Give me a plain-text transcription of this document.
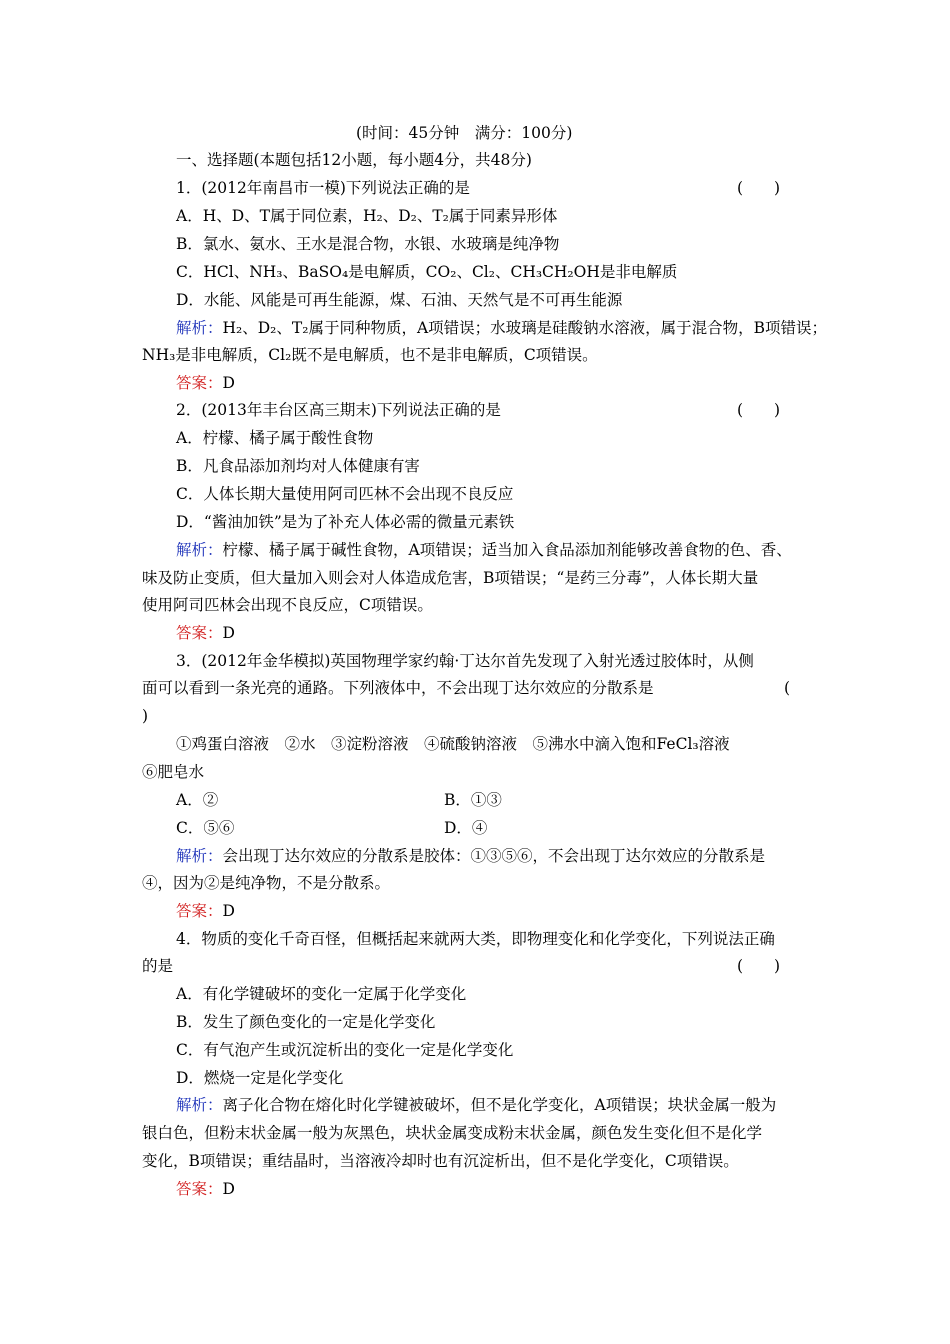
(时间：45分钟　满分：100分)
一、选择题(本题包括12小题，每小题4分，共48分)
1．(2012年南昌市一模)下列说法正确的是	(　　)
A．H、D、T属于同位素，H₂、D₂、T₂属于同素异形体
B．氯水、氨水、王水是混合物，水银、水玻璃是纯净物
C．HCl、NH₃、BaSO₄是电解质，CO₂、Cl₂、CH₃CH₂OH是非电解质
D．水能、风能是可再生能源，煤、石油、天然气是不可再生能源
解析：H₂、D₂、T₂属于同种物质，A项错误；水玻璃是硅酸钠水溶液，属于混合物，B项错误；
NH₃是非电解质，Cl₂既不是电解质，也不是非电解质，C项错误。
答案：D
2．(2013年丰台区高三期末)下列说法正确的是	(　　)
A．柠檬、橘子属于酸性食物
B．凡食品添加剂均对人体健康有害
C．人体长期大量使用阿司匹林不会出现不良反应
D．“酱油加铁”是为了补充人体必需的微量元素铁
解析：柠檬、橘子属于碱性食物，A项错误；适当加入食品添加剂能够改善食物的色、香、
味及防止变质，但大量加入则会对人体造成危害，B项错误；“是药三分毒”，人体长期大量
使用阿司匹林会出现不良反应，C项错误。
答案：D
3．(2012年金华模拟)英国物理学家约翰·丁达尔首先发现了入射光透过胶体时，从侧
面可以看到一条光亮的通路。下列液体中，不会出现丁达尔效应的分散系是	(
)
①鸡蛋白溶液　②水　③淀粉溶液　④硫酸钠溶液　⑤沸水中滴入饱和FeCl₃溶液
⑥肥皂水
A．②	B．①③
C．⑤⑥	D．④
解析：会出现丁达尔效应的分散系是胶体：①③⑤⑥，不会出现丁达尔效应的分散系是
④，因为②是纯净物，不是分散系。
答案：D
4．物质的变化千奇百怪，但概括起来就两大类，即物理变化和化学变化，下列说法正确
的是	(　　)
A．有化学键破坏的变化一定属于化学变化
B．发生了颜色变化的一定是化学变化
C．有气泡产生或沉淀析出的变化一定是化学变化
D．燃烧一定是化学变化
解析：离子化合物在熔化时化学键被破坏，但不是化学变化，A项错误；块状金属一般为
银白色，但粉末状金属一般为灰黑色，块状金属变成粉末状金属，颜色发生变化但不是化学
变化，B项错误；重结晶时，当溶液冷却时也有沉淀析出，但不是化学变化，C项错误。
答案：D
